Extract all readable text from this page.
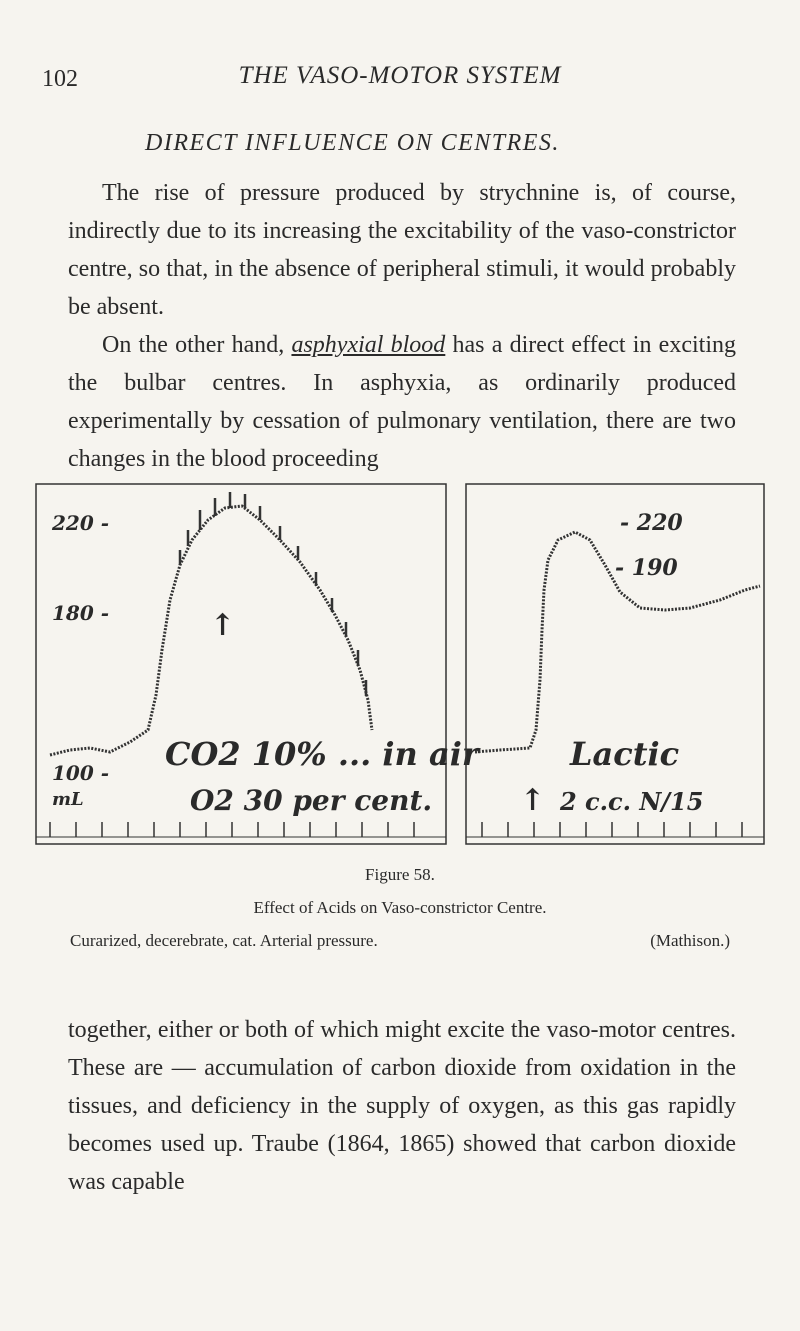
102	THE VASO-MOTOR SYSTEM
DIRECT INFLUENCE ON CENTRES.

The rise of pressure produced by strychnine is, of course, indirectly due to its increasing the excitability of the vaso-constrictor centre, so that, in the absence of peripheral stimuli, it would probably be absent.

On the other hand, asphyxial blood has a direct effect in exciting the bulbar centres. In asphyxia, as ordinarily produced experimentally by cessation of pulmonary ventilation, there are two changes in the blood proceeding

220 -
180 -
100 -
mL
↑
CO2 10% ... in air
O2 30 per cent.
- 220
- 190
Lactic
2 c.c. N/15
↑
Figure 58.
Effect of Acids on Vaso-constrictor Centre.
Curarized, decerebrate, cat. Arterial pressure.	(Mathison.)

together, either or both of which might excite the vaso-motor centres. These are — accumulation of carbon dioxide from oxidation in the tissues, and deficiency in the supply of oxygen, as this gas rapidly becomes used up. Traube (1864, 1865) showed that carbon dioxide was capable
